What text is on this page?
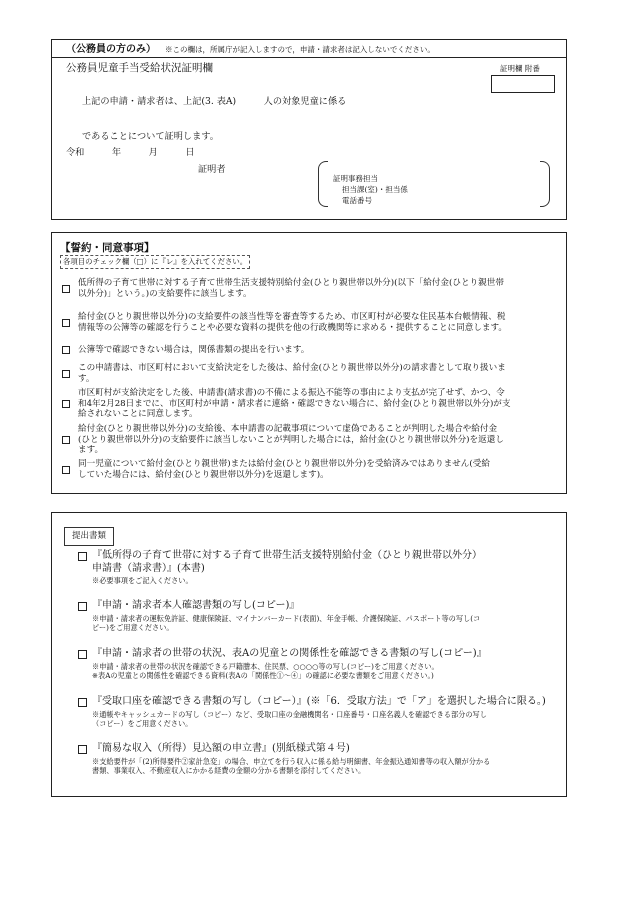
（公務員の方のみ） ※この欄は，所属庁が記入しますので，申請・請求者は記入しないでください。
公務員児童手当受給状況証明欄	証明欄 附番
上記の申請・請求者は、上記(3. 表A)　　　人の対象児童に係る
であることについて証明します。
令和　　　年　　　月　　　日
証明者
証明事務担当
担当課(室)・担当係
電話番号
【誓約・同意事項】
各項目のチェック欄（□）に『レ』を入れてください。
低所得の子育て世帯に対する子育て世帯生活支援特別給付金(ひとり親世帯以外分)(以下「給付金(ひとり親世帯
以外分)」という。)の支給要件に該当します。
給付金(ひとり親世帯以外分)の支給要件の該当性等を審査等するため、市区町村が必要な住民基本台帳情報、税
情報等の公簿等の確認を行うことや必要な資料の提供を他の行政機関等に求める・提供することに同意します。
公簿等で確認できない場合は，関係書類の提出を行います。
この申請書は、市区町村において支給決定をした後は、給付金(ひとり親世帯以外分)の請求書として取り扱いま
す。
市区町村が支給決定をした後、申請書(請求書)の不備による振込不能等の事由により支払が完了せず、かつ、令
和4年2月28日までに、市区町村が申請・請求者に連絡・確認できない場合に、給付金(ひとり親世帯以外分)が支
給されないことに同意します。
給付金(ひとり親世帯以外分)の支給後、本申請書の記載事項について虚偽であることが判明した場合や給付金
(ひとり親世帯以外分)の支給要件に該当しないことが判明した場合には，給付金(ひとり親世帯以外分)を返還し
ます。
同一児童について給付金(ひとり親世帯)または給付金(ひとり親世帯以外分)を受給済みではありません(受給
していた場合には、給付金(ひとり親世帯以外分)を返還します)。
提出書類
『低所得の子育て世帯に対する子育て世帯生活支援特別給付金（ひとり親世帯以外分）
申請書（請求書）』(本書)
※必要事項をご記入ください。
『申請・請求者本人確認書類の写し(コピー)』
※申請・請求者の運転免許証、健康保険証、マイナンバーカード(表面)、年金手帳、介護保険証、パスポート等の写し(コ
ピー)をご用意ください。
『申請・請求者の世帯の状況、表Aの児童との関係性を確認できる書類の写し(コピー)』
※申請・請求者の世帯の状況を確認できる戸籍謄本、住民票、○○○○等の写し(コピー)をご用意ください。
※表Aの児童との関係性を確認できる資料(表Aの「関係性①～④」の確認に必要な書類をご用意ください。)
『受取口座を確認できる書類の写し（コピー）』(※「6．受取方法」で「ア」を選択した場合に限る。)
※通帳やキャッシュカードの写し（コピー）など、受取口座の金融機関名・口座番号・口座名義人を確認できる部分の写し
（コピー）をご用意ください。
『簡易な収入（所得）見込額の申立書』(別紙様式第４号)
※支給要件が「(2)所得要件②家計急変」の場合、申立てを行う収入に係る給与明細書、年金振込通知書等の収入額が分かる
書類、事業収入、不動産収入にかかる経費の金額の分かる書類を添付してください。
